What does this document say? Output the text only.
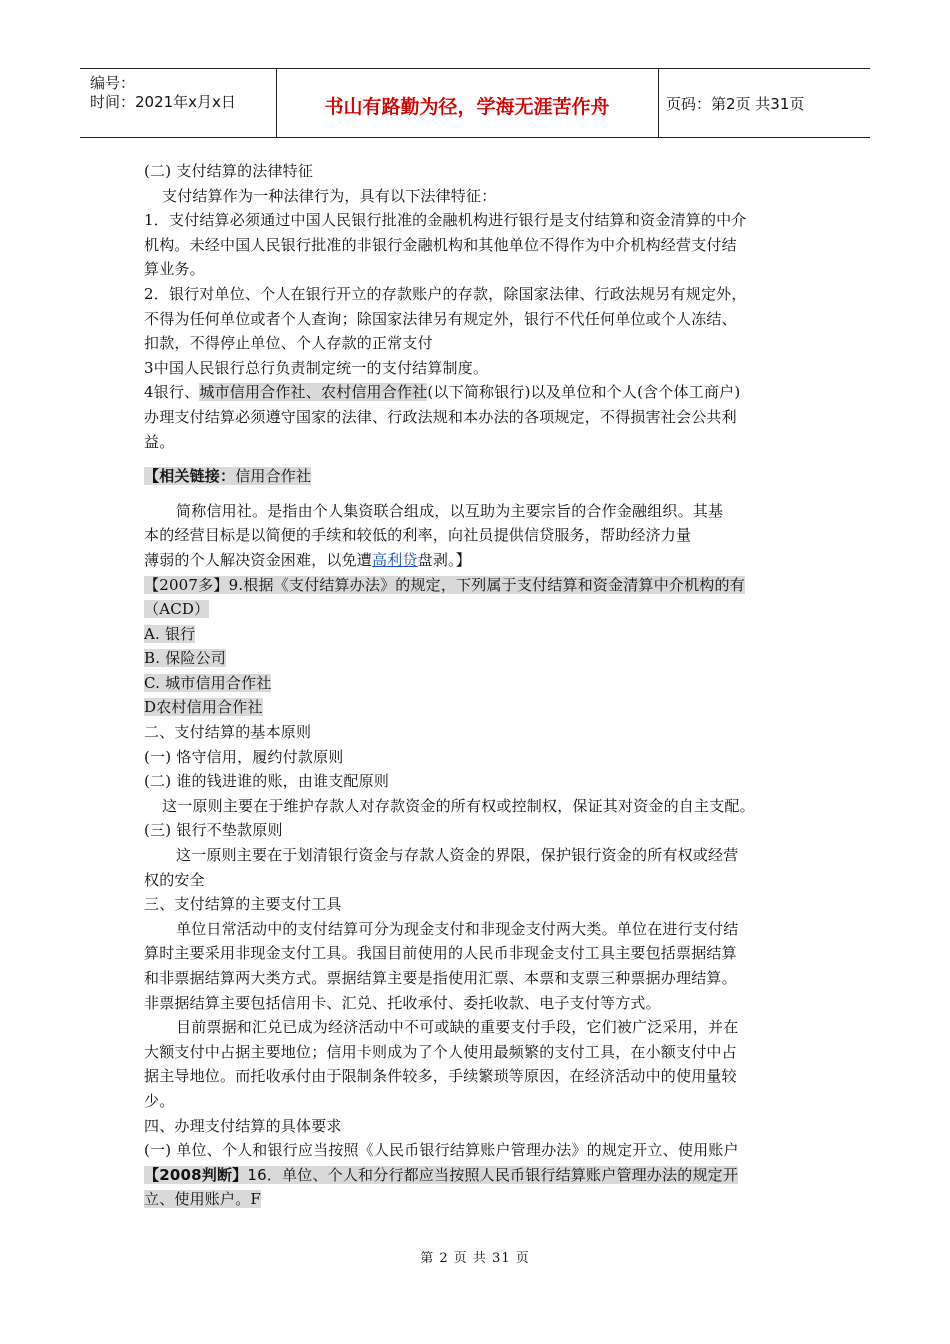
编号：
时间：2021年x月x日	书山有路勤为径，学海无涯苦作舟	页码：第2页 共31页
(二) 支付结算的法律特征
支付结算作为一种法律行为，具有以下法律特征：
1．支付结算必须通过中国人民银行批准的金融机构进行银行是支付结算和资金清算的中介
机构。未经中国人民银行批准的非银行金融机构和其他单位不得作为中介机构经营支付结
算业务。
2．银行对单位、个人在银行开立的存款账户的存款，除国家法律、行政法规另有规定外，
不得为任何单位或者个人查询；除国家法律另有规定外，银行不代任何单位或个人冻结、
扣款，不得停止单位、个人存款的正常支付
3中国人民银行总行负责制定统一的支付结算制度。
4银行、城市信用合作社、农村信用合作社(以下简称银行)以及单位和个人(含个体工商户)
办理支付结算必须遵守国家的法律、行政法规和本办法的各项规定，不得损害社会公共利
益。
【相关链接：信用合作社
简称信用社。是指由个人集资联合组成，以互助为主要宗旨的合作金融组织。其基
本的经营目标是以简便的手续和较低的利率，向社员提供信贷服务，帮助经济力量
薄弱的个人解决资金困难，以免遭高利贷盘剥。】
【2007多】9.根据《支付结算办法》的规定，下列属于支付结算和资金清算中介机构的有
（ACD）
A. 银行
B. 保险公司
C. 城市信用合作社
D农村信用合作社
二、支付结算的基本原则
(一) 恪守信用，履约付款原则
(二) 谁的钱进谁的账，由谁支配原则
这一原则主要在于维护存款人对存款资金的所有权或控制权，保证其对资金的自主支配。
(三) 银行不垫款原则
这一原则主要在于划清银行资金与存款人资金的界限，保护银行资金的所有权或经营
权的安全
三、支付结算的主要支付工具
单位日常活动中的支付结算可分为现金支付和非现金支付两大类。单位在进行支付结
算时主要采用非现金支付工具。我国目前使用的人民币非现金支付工具主要包括票据结算
和非票据结算两大类方式。票据结算主要是指使用汇票、本票和支票三种票据办理结算。
非票据结算主要包括信用卡、汇兑、托收承付、委托收款、电子支付等方式。
目前票据和汇兑已成为经济活动中不可或缺的重要支付手段，它们被广泛采用，并在
大额支付中占据主要地位；信用卡则成为了个人使用最频繁的支付工具，在小额支付中占
据主导地位。而托收承付由于限制条件较多，手续繁琐等原因，在经济活动中的使用量较
少。
四、办理支付结算的具体要求
(一) 单位、个人和银行应当按照《人民币银行结算账户管理办法》的规定开立、使用账户
【2008判断】16．单位、个人和分行都应当按照人民币银行结算账户管理办法的规定开
立、使用账户。F
第 2 页 共 31 页
